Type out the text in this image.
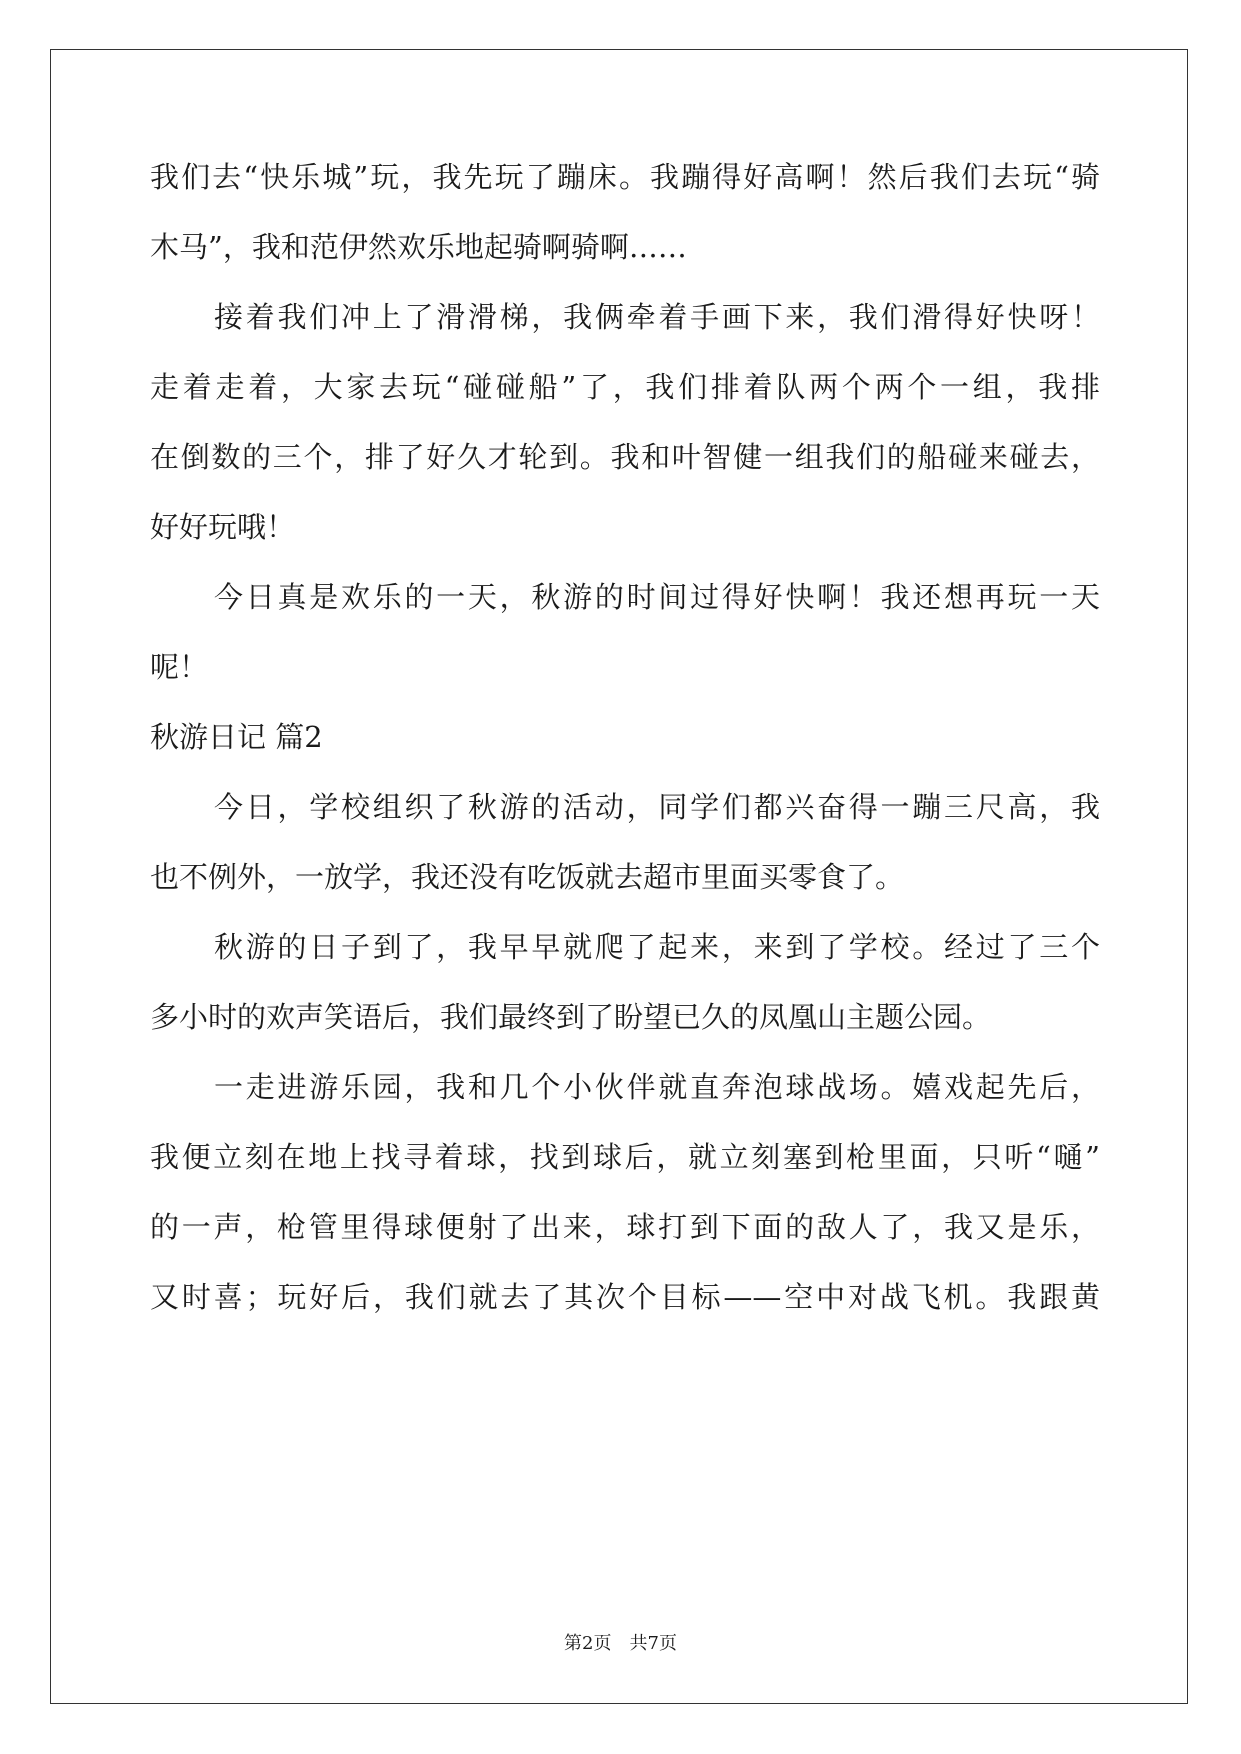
我们去“快乐城”玩，我先玩了蹦床。我蹦得好高啊！然后我们去玩“骑
木马”，我和范伊然欢乐地起骑啊骑啊……
接着我们冲上了滑滑梯，我俩牵着手画下来，我们滑得好快呀！
走着走着，大家去玩“碰碰船”了，我们排着队两个两个一组，我排
在倒数的三个，排了好久才轮到。我和叶智健一组我们的船碰来碰去，
好好玩哦！
今日真是欢乐的一天，秋游的时间过得好快啊！我还想再玩一天
呢！
秋游日记 篇2
今日，学校组织了秋游的活动，同学们都兴奋得一蹦三尺高，我
也不例外，一放学，我还没有吃饭就去超市里面买零食了。
秋游的日子到了，我早早就爬了起来，来到了学校。经过了三个
多小时的欢声笑语后，我们最终到了盼望已久的凤凰山主题公园。
一走进游乐园，我和几个小伙伴就直奔泡球战场。嬉戏起先后，
我便立刻在地上找寻着球，找到球后，就立刻塞到枪里面，只听“嗵”
的一声，枪管里得球便射了出来，球打到下面的敌人了，我又是乐，
又时喜；玩好后，我们就去了其次个目标——空中对战飞机。我跟黄
第2页　共7页
